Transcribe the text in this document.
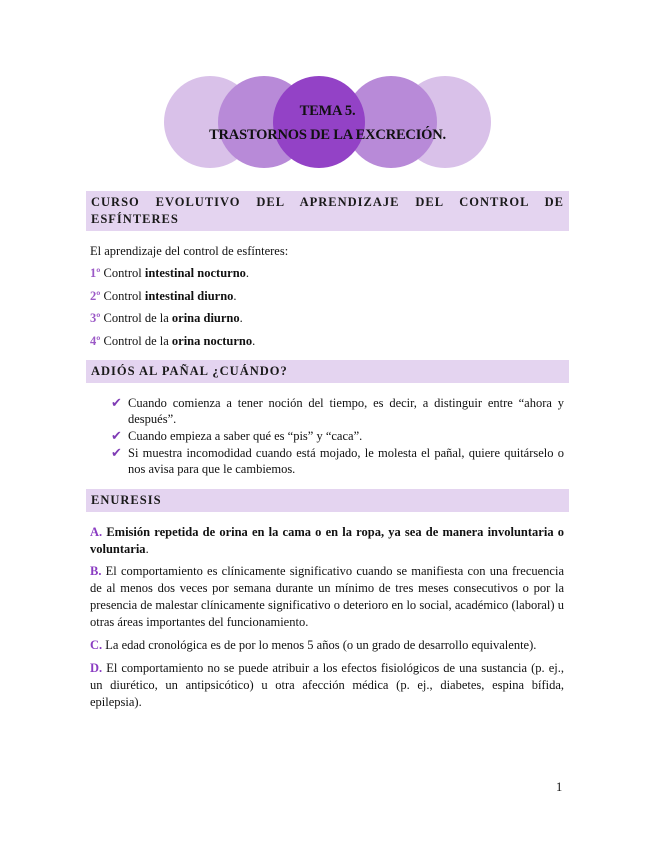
TEMA 5.
TRASTORNOS DE LA EXCRECIÓN.
CURSO EVOLUTIVO DEL APRENDIZAJE DEL CONTROL DE
ESFÍNTERES
El aprendizaje del control de esfínteres:
1º Control intestinal nocturno.
2º Control intestinal diurno.
3º Control de la orina diurno.
4º Control de la orina nocturno.
ADIÓS AL PAÑAL ¿CUÁNDO?
✔ Cuando comienza a tener noción del tiempo, es decir, a distinguir entre “ahora y después”.
✔ Cuando empieza a saber qué es “pis” y “caca”.
✔ Si muestra incomodidad cuando está mojado, le molesta el pañal, quiere quitárselo o nos avisa para que le cambiemos.
ENURESIS
A. Emisión repetida de orina en la cama o en la ropa, ya sea de manera involuntaria o voluntaria.
B. El comportamiento es clínicamente significativo cuando se manifiesta con una frecuencia de al menos dos veces por semana durante un mínimo de tres meses consecutivos o por la presencia de malestar clínicamente significativo o deterioro en lo social, académico (laboral) u otras áreas importantes del funcionamiento.
C. La edad cronológica es de por lo menos 5 años (o un grado de desarrollo equivalente).
D. El comportamiento no se puede atribuir a los efectos fisiológicos de una sustancia (p. ej., un diurético, un antipsicótico) u otra afección médica (p. ej., diabetes, espina bífida, epilepsia).
1
